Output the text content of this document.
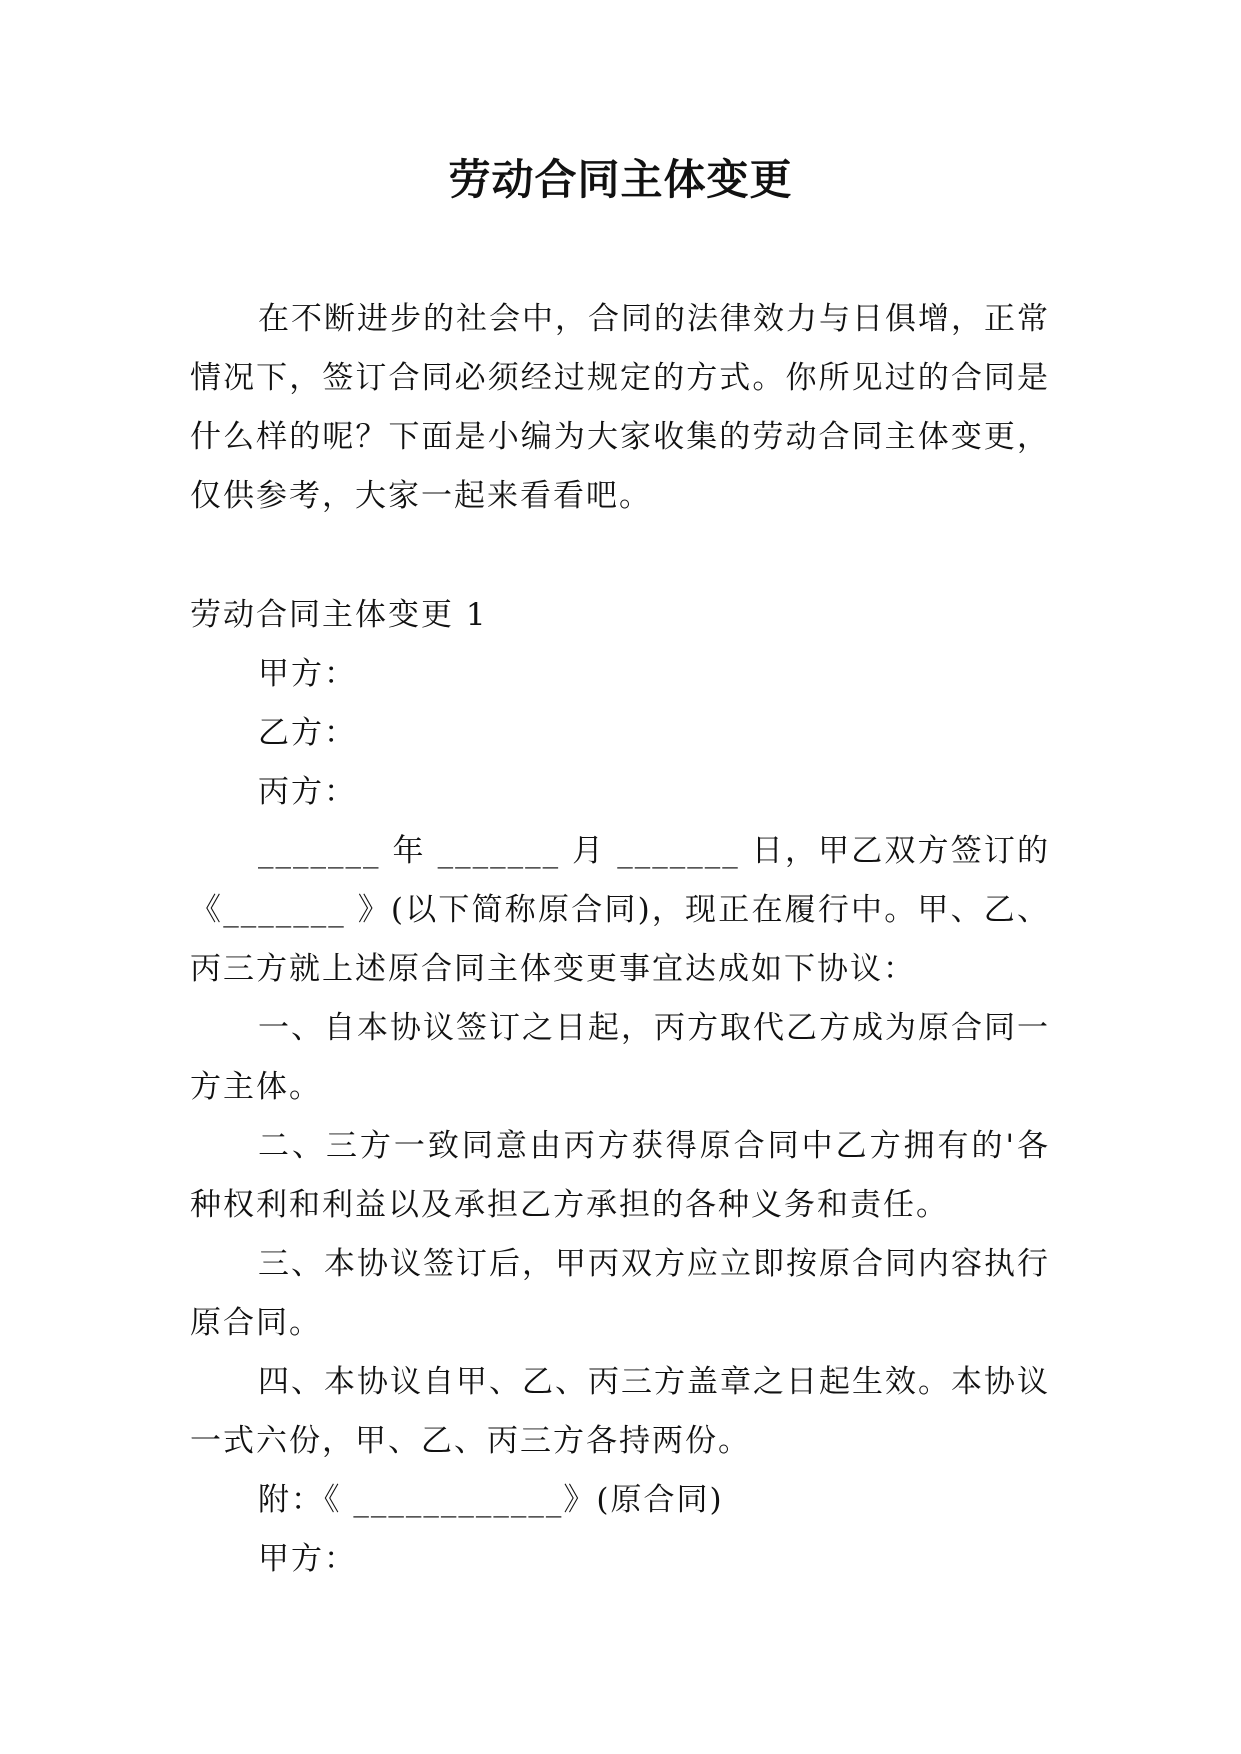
劳动合同主体变更

在不断进步的社会中，合同的法律效力与日俱增，正常情况下，签订合同必须经过规定的方式。你所见过的合同是什么样的呢？下面是小编为大家收集的劳动合同主体变更，仅供参考，大家一起来看看吧。

劳动合同主体变更 1

甲方：

乙方：

丙方：

_______ 年 _______ 月 _______ 日，甲乙双方签订的《_______ 》(以下简称原合同)，现正在履行中。甲、乙、丙三方就上述原合同主体变更事宜达成如下协议：

一、自本协议签订之日起，丙方取代乙方成为原合同一方主体。

二、三方一致同意由丙方获得原合同中乙方拥有的'各种权利和利益以及承担乙方承担的各种义务和责任。

三、本协议签订后，甲丙双方应立即按原合同内容执行原合同。

四、本协议自甲、乙、丙三方盖章之日起生效。本协议一式六份，甲、乙、丙三方各持两份。

附：《 ____________》(原合同)

甲方：
